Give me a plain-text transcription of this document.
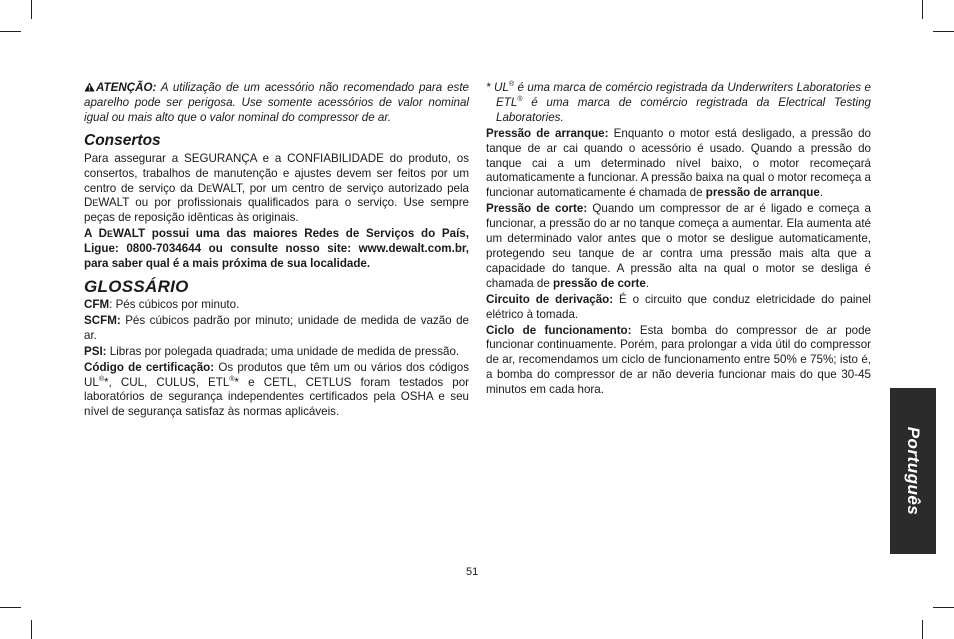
ATENÇÃO: A utilização de um acessório não recomendado para este aparelho pode ser perigosa. Use somente acessórios de valor nominal igual ou mais alto que o valor nominal do compressor de ar.

Consertos

Para assegurar a SEGURANÇA e a CONFIABILIDADE do produto, os consertos, trabalhos de manutenção e ajustes devem ser feitos por um centro de serviço da DEWALT, por um centro de serviço autorizado pela DEWALT ou por profissionais qualificados para o serviço. Use sempre peças de reposição idênticas às originais.

A DEWALT possui uma das maiores Redes de Serviços do País, Ligue: 0800-7034644 ou consulte nosso site: www.dewalt.com.br, para saber qual é a mais próxima de sua localidade.

GLOSSÁRIO

CFM: Pés cúbicos por minuto.

SCFM: Pés cúbicos padrão por minuto; unidade de medida de vazão de ar.

PSI: Libras por polegada quadrada; uma unidade de medida de pressão.

Código de certificação: Os produtos que têm um ou vários dos códigos UL®*, CUL, CULUS, ETL®* e CETL, CETLUS foram testados por laboratórios de segurança independentes certificados pela OSHA e seu nível de segurança satisfaz às normas aplicáveis.

* UL® é uma marca de comércio registrada da Underwriters Laboratories e ETL® é uma marca de comércio registrada da Electrical Testing Laboratories.

Pressão de arranque: Enquanto o motor está desligado, a pressão do tanque de ar cai quando o acessório é usado. Quando a pressão do tanque cai a um determinado nível baixo, o motor recomeçará automaticamente a funcionar. A pressão baixa na qual o motor recomeça a funcionar automaticamente é chamada de pressão de arranque.

Pressão de corte: Quando um compressor de ar é ligado e começa a funcionar, a pressão do ar no tanque começa a aumentar. Ela aumenta até um determinado valor antes que o motor se desligue automaticamente, protegendo seu tanque de ar contra uma pressão mais alta que a capacidade do tanque. A pressão alta na qual o motor se desliga é chamada de pressão de corte.

Circuito de derivação: É o circuito que conduz eletricidade do painel elétrico à tomada.

Ciclo de funcionamento: Esta bomba do compressor de ar pode funcionar continuamente. Porém, para prolongar a vida útil do compressor de ar, recomendamos um ciclo de funcionamento entre 50% e 75%; isto é, a bomba do compressor de ar não deveria funcionar mais do que 30-45 minutos em cada hora.

Português
51
